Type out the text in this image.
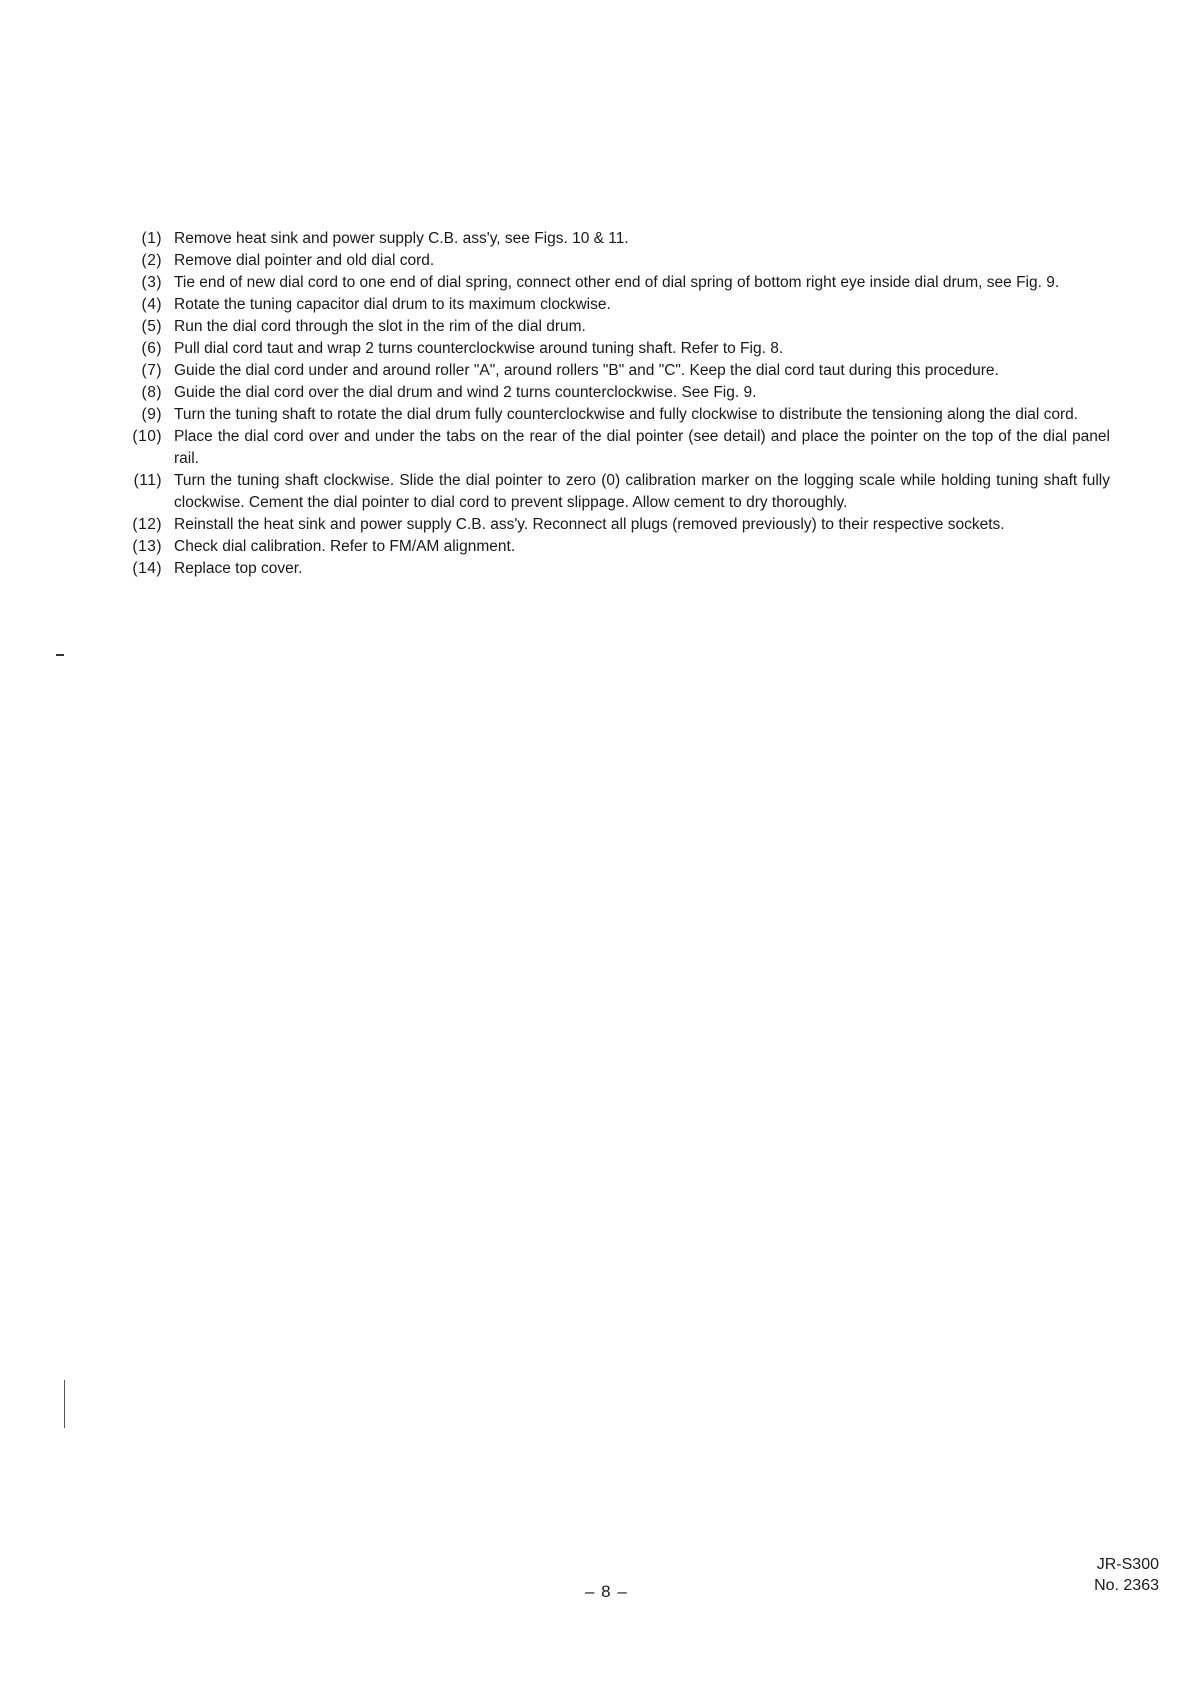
(1) Remove heat sink and power supply C.B. ass'y, see Figs. 10 & 11.
(2) Remove dial pointer and old dial cord.
(3) Tie end of new dial cord to one end of dial spring, connect other end of dial spring of bottom right eye inside dial drum, see Fig. 9.
(4) Rotate the tuning capacitor dial drum to its maximum clockwise.
(5) Run the dial cord through the slot in the rim of the dial drum.
(6) Pull dial cord taut and wrap 2 turns counterclockwise around tuning shaft. Refer to Fig. 8.
(7) Guide the dial cord under and around roller "A", around rollers "B" and "C". Keep the dial cord taut during this procedure.
(8) Guide the dial cord over the dial drum and wind 2 turns counterclockwise. See Fig. 9.
(9) Turn the tuning shaft to rotate the dial drum fully counterclockwise and fully clockwise to distribute the tensioning along the dial cord.
(10) Place the dial cord over and under the tabs on the rear of the dial pointer (see detail) and place the pointer on the top of the dial panel rail.
(11) Turn the tuning shaft clockwise. Slide the dial pointer to zero (0) calibration marker on the logging scale while holding tuning shaft fully clockwise. Cement the dial pointer to dial cord to prevent slippage. Allow cement to dry thoroughly.
(12) Reinstall the heat sink and power supply C.B. ass'y. Reconnect all plugs (removed previously) to their respective sockets.
(13) Check dial calibration. Refer to FM/AM alignment.
(14) Replace top cover.
– 8 –
JR-S300
No. 2363
